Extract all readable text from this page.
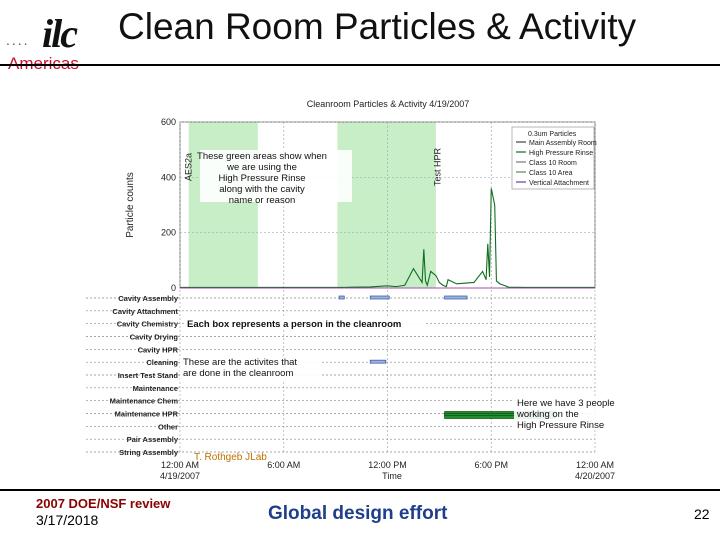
.... ilc Clean Room Particles & Activity
Cleanroom Particles & Activity 4/19/2007
600
400
200
0
Particle counts
AES2a	Test HPR
0.3um Particles
Main Assembly Room
High Pressure Rinse
Class 10 Room
Class 10 Area
Vertical Attachment
Cavity Assembly
Cavity Attachment
Cavity Chemistry
Cavity Drying
Cavity HPR
Cleaning
Insert Test Stand
Maintenance
Maintenance Chem
Maintenance HPR
Other
Pair Assembly
String Assembly
These green areas show when
we are using the
High Pressure Rinse
along with the cavity
name or reason
Each box represents a person in the cleanroom
These are the activites that
are done in the cleanroom
Here we have 3 people
working on the
High Pressure Rinse
T. Rothgeb JLab
12:00 AM
4/19/2007
6:00 AM	12:00 PM	6:00 PM	12:00 AM
4/20/2007
Time
2007 DOE/NSF review
3/17/2018	Global design effort	22
